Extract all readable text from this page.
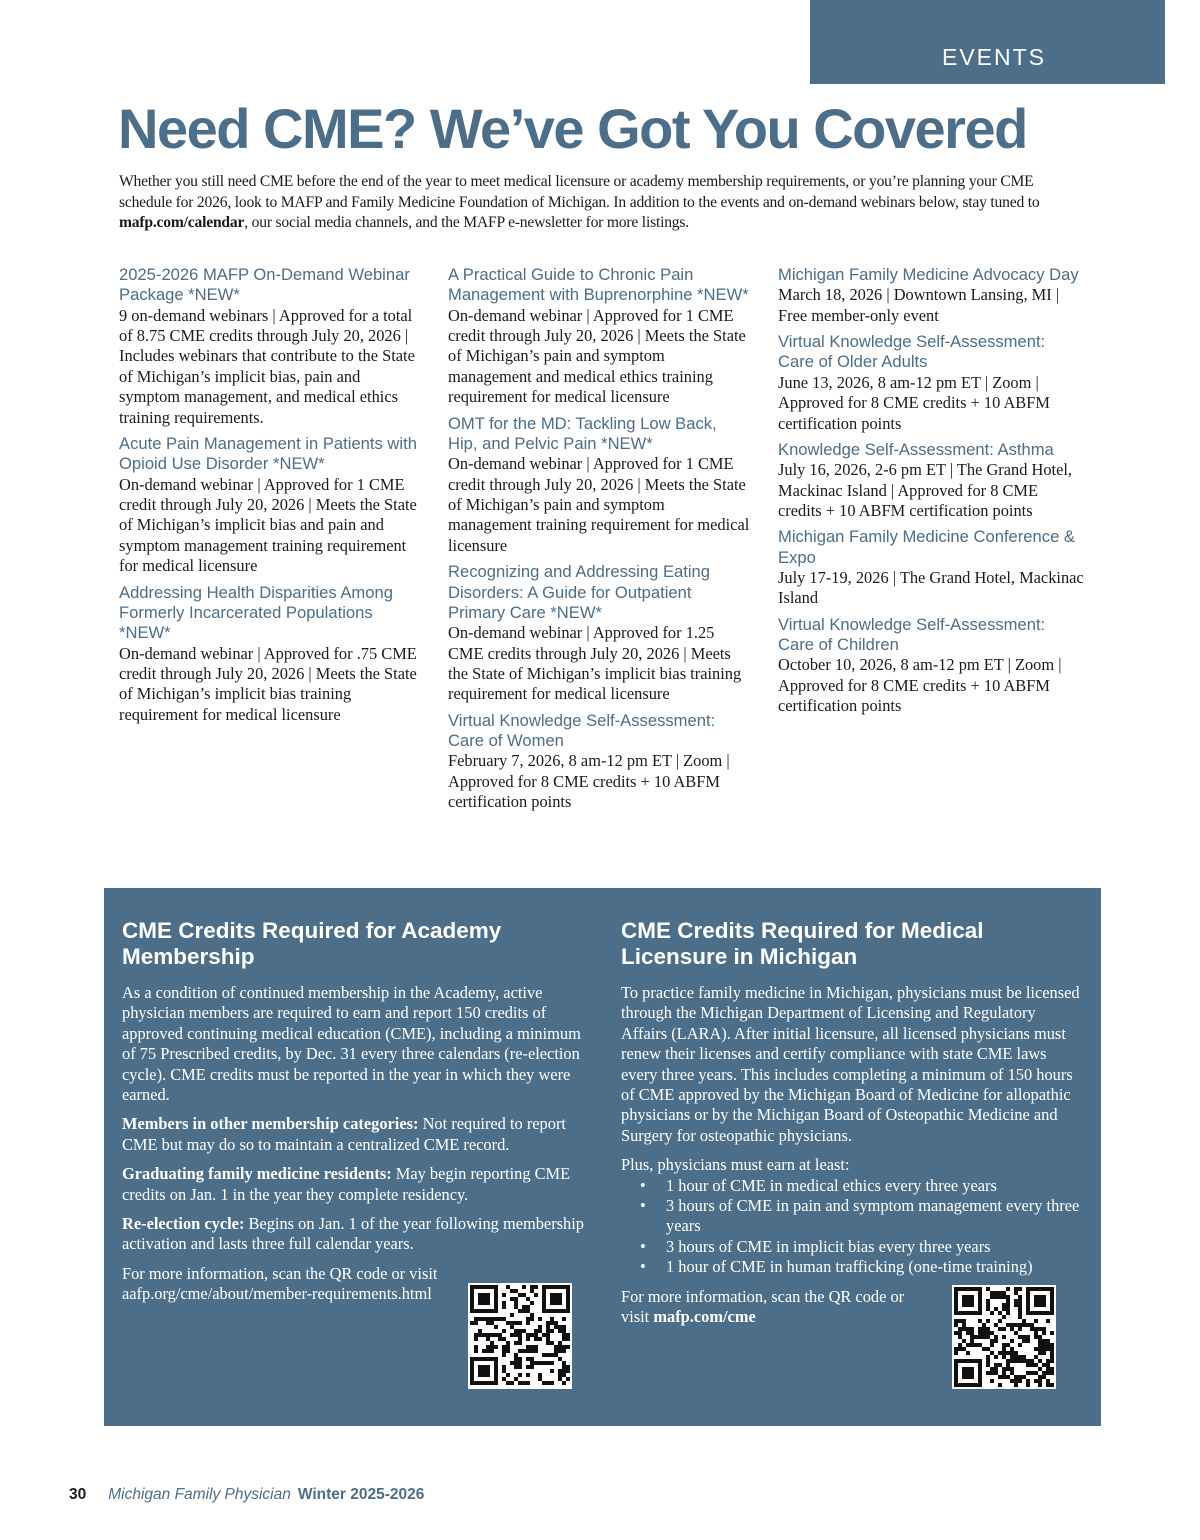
EVENTS
Need CME? We’ve Got You Covered

Whether you still need CME before the end of the year to meet medical licensure or academy membership requirements, or you’re planning your CME schedule for 2026, look to MAFP and Family Medicine Foundation of Michigan. In addition to the events and on-demand webinars below, stay tuned to mafp.com/calendar, our social media channels, and the MAFP e-newsletter for more listings.

2025-2026 MAFP On-Demand Webinar Package *NEW*
9 on-demand webinars | Approved for a total of 8.75 CME credits through July 20, 2026 | Includes webinars that contribute to the State of Michigan’s implicit bias, pain and symptom management, and medical ethics training requirements.
Acute Pain Management in Patients with Opioid Use Disorder *NEW*
On-demand webinar | Approved for 1 CME credit through July 20, 2026 | Meets the State of Michigan’s implicit bias and pain and symptom management training requirement for medical licensure
Addressing Health Disparities Among Formerly Incarcerated Populations *NEW*
On-demand webinar | Approved for .75 CME credit through July 20, 2026 | Meets the State of Michigan’s implicit bias training requirement for medical licensure
A Practical Guide to Chronic Pain Management with Buprenorphine *NEW*
On-demand webinar | Approved for 1 CME credit through July 20, 2026 | Meets the State of Michigan’s pain and symptom management and medical ethics training requirement for medical licensure
OMT for the MD: Tackling Low Back, Hip, and Pelvic Pain *NEW*
On-demand webinar | Approved for 1 CME credit through July 20, 2026 | Meets the State of Michigan’s pain and symptom management training requirement for medical licensure
Recognizing and Addressing Eating Disorders: A Guide for Outpatient Primary Care *NEW*
On-demand webinar | Approved for 1.25 CME credits through July 20, 2026 | Meets the State of Michigan’s implicit bias training requirement for medical licensure
Virtual Knowledge Self-Assessment: Care of Women
February 7, 2026, 8 am-12 pm ET | Zoom | Approved for 8 CME credits + 10 ABFM certification points
Michigan Family Medicine Advocacy Day
March 18, 2026 | Downtown Lansing, MI | Free member-only event
Virtual Knowledge Self-Assessment: Care of Older Adults
June 13, 2026, 8 am-12 pm ET | Zoom | Approved for 8 CME credits + 10 ABFM certification points
Knowledge Self-Assessment: Asthma
July 16, 2026, 2-6 pm ET | The Grand Hotel, Mackinac Island | Approved for 8 CME credits + 10 ABFM certification points
Michigan Family Medicine Conference & Expo
July 17-19, 2026 | The Grand Hotel, Mackinac Island
Virtual Knowledge Self-Assessment: Care of Children
October 10, 2026, 8 am-12 pm ET | Zoom | Approved for 8 CME credits + 10 ABFM certification points
CME Credits Required for Academy Membership

As a condition of continued membership in the Academy, active physician members are required to earn and report 150 credits of approved continuing medical education (CME), including a minimum of 75 Prescribed credits, by Dec. 31 every three calendars (re-election cycle). CME credits must be reported in the year in which they were earned.

Members in other membership categories: Not required to report CME but may do so to maintain a centralized CME record.

Graduating family medicine residents: May begin reporting CME credits on Jan. 1 in the year they complete residency.

Re-election cycle: Begins on Jan. 1 of the year following membership activation and lasts three full calendar years.

For more information, scan the QR code or visit
aafp.org/cme/about/member-requirements.html

CME Credits Required for Medical Licensure in Michigan

To practice family medicine in Michigan, physicians must be licensed through the Michigan Department of Licensing and Regulatory Affairs (LARA). After initial licensure, all licensed physicians must renew their licenses and certify compliance with state CME laws every three years. This includes completing a minimum of 150 hours of CME approved by the Michigan Board of Medicine for allopathic physicians or by the Michigan Board of Osteopathic Medicine and Surgery for osteopathic physicians.

Plus, physicians must earn at least:

• 1 hour of CME in medical ethics every three years
• 3 hours of CME in pain and symptom management every three years
• 3 hours of CME in implicit bias every three years
• 1 hour of CME in human trafficking (one-time training)

For more information, scan the QR code or visit mafp.com/cme

30 Michigan Family Physician Winter 2025-2026
